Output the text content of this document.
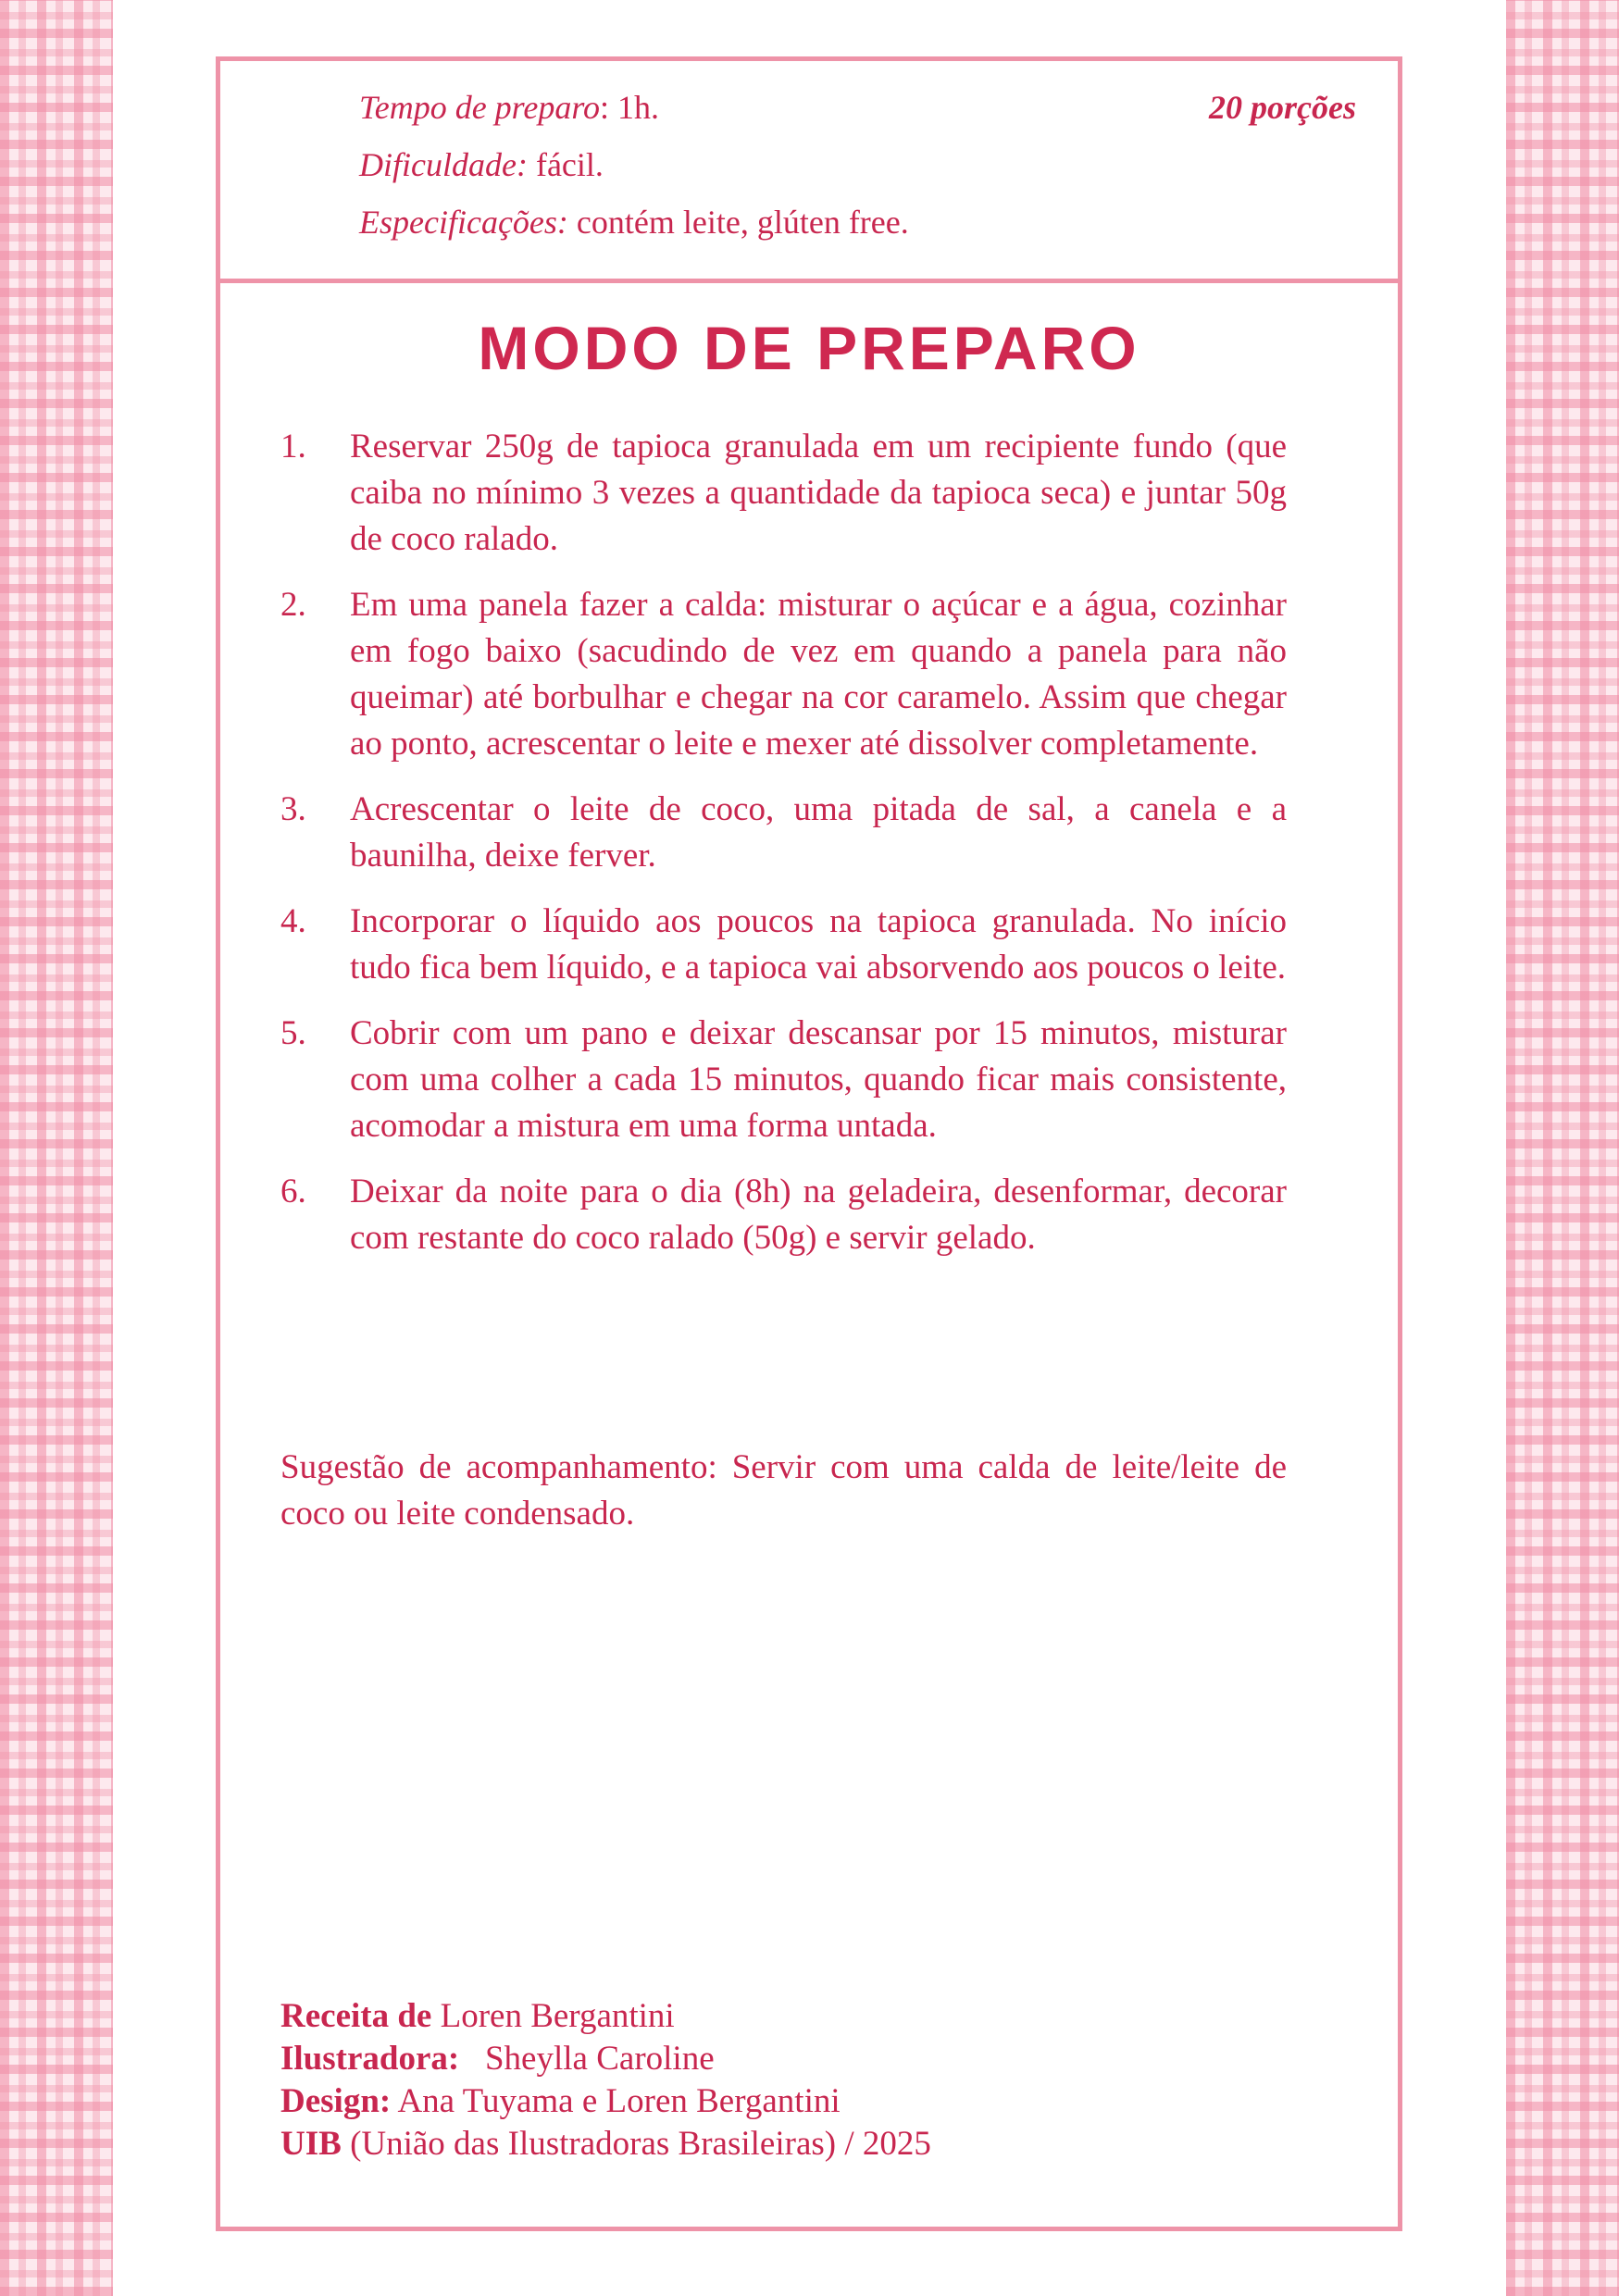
Tempo de preparo: 1h.
Dificuldade: fácil.
Especificações: contém leite, glúten free.
20 porções
MODO DE PREPARO
1.	Reservar 250g de tapioca granulada em um recipiente fundo (que caiba no mínimo 3 vezes a quantidade da tapioca seca) e juntar 50g de coco ralado.
2.	Em uma panela fazer a calda: misturar o açúcar e a água, cozinhar em fogo baixo (sacudindo de vez em quando a panela para não queimar) até borbulhar e chegar na cor caramelo. Assim que chegar ao ponto, acrescentar o leite e mexer até dissolver completamente.
3.	Acrescentar o leite de coco, uma pitada de sal, a canela e a baunilha, deixe ferver.
4.	Incorporar o líquido aos poucos na tapioca granulada. No início tudo fica bem líquido, e a tapioca vai absorvendo aos poucos o leite.
5.	Cobrir com um pano e deixar descansar por 15 minutos, misturar com uma colher a cada 15 minutos, quando ficar mais consistente, acomodar a mistura em uma forma untada.
6.	Deixar da noite para o dia (8h) na geladeira, desenformar, decorar com restante do coco ralado (50g) e servir gelado.
Sugestão de acompanhamento: Servir com uma calda de leite/leite de coco ou leite condensado.
Receita de Loren Bergantini
Ilustradora: Sheylla Caroline
Design: Ana Tuyama e Loren Bergantini
UIB (União das Ilustradoras Brasileiras) / 2025
